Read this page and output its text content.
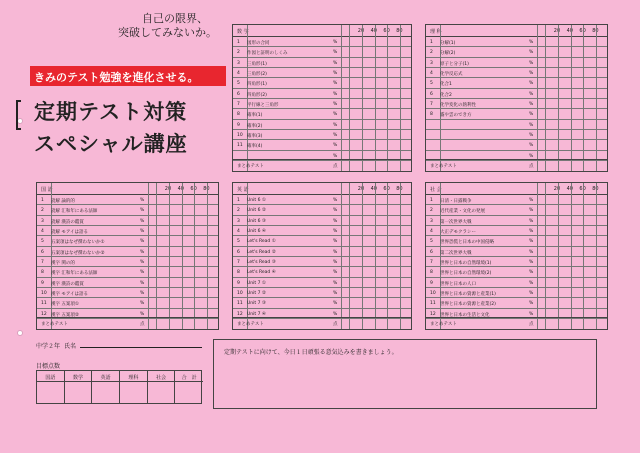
自己の限界、
突破してみないか。
きみのテスト勉強を進化させる。
定期テスト対策
スペシャル講座
数 学	20 40 60 80
1 図形の合同	%
2 作図と証明のしくみ	%
3 三角形(1)	%
4 三角形(2)	%
5 四角形(1)	%
6 四角形(2)	%
7 平行線と三角形	%
8 確率(1)	%
9 確率(2)	%
10 確率(3)	%
11 確率(4)	%
%
まとめテスト	点
理 科	20 40 60 80
1 分解(1)	%
2 分解(2)	%
3 原子と分子(1)	%
4 化学反応式	%
5 化合1	%
6 化合2	%
7 化学変化の熱利性	%
8 霧や雲のでき方	%
%
%
%
%
まとめテスト	点
国 語	20 40 60 80
1 読解 論的的	%
2 読解 汇和年にある法師	%
3 読解 漢詩の鑑賞	%
4 読解 モアイは語る	%
5 五案項はなぜ撰わないか①	%
6 五案項はなぜ撰わないか②	%
7 漢字 関の的	%
8 漢字 汇和年にある法師	%
9 漢字 漢詩の鑑賞	%
10 漢字 モアイは語る	%
11 漢字 五案項①	%
12 漢字 五案項②	%
まとめテスト	点
英 語	20 40 60 80
1 Unit 6 ①	%
2 Unit 6 ②	%
3 Unit 6 ③	%
4 Unit 6 ④	%
5 Let's Read ①	%
6 Let's Read ②	%
7 Let's Read ③	%
8 Let's Read ④	%
9 Unit 7 ①	%
10 Unit 7 ②	%
11 Unit 7 ③	%
12 Unit 7 ④	%
まとめテスト	点
社 会	20 40 60 80
1 日清・日露戦争	%
2 近代産業・文化の発展	%
3 第一次世界大戦	%
4 大正デモクラシー	%
5 世界恐慌と日本の中国侵略	%
6 第二次世界大戦	%
7 世界と日本の自然環境(1)	%
8 世界と日本の自然環境(2)	%
9 世界と日本の人口	%
10 世界と日本の資源と産業(1)	%
11 世界と日本の資源と産業(2)	%
12 世界と日本の生活と文化	%
まとめテスト	点
中学２年 氏名
目標点数
国語	数学	英語	理科	社会	合　計
定期テストに向けて、今日１日頑張る意気込みを書きましょう。
